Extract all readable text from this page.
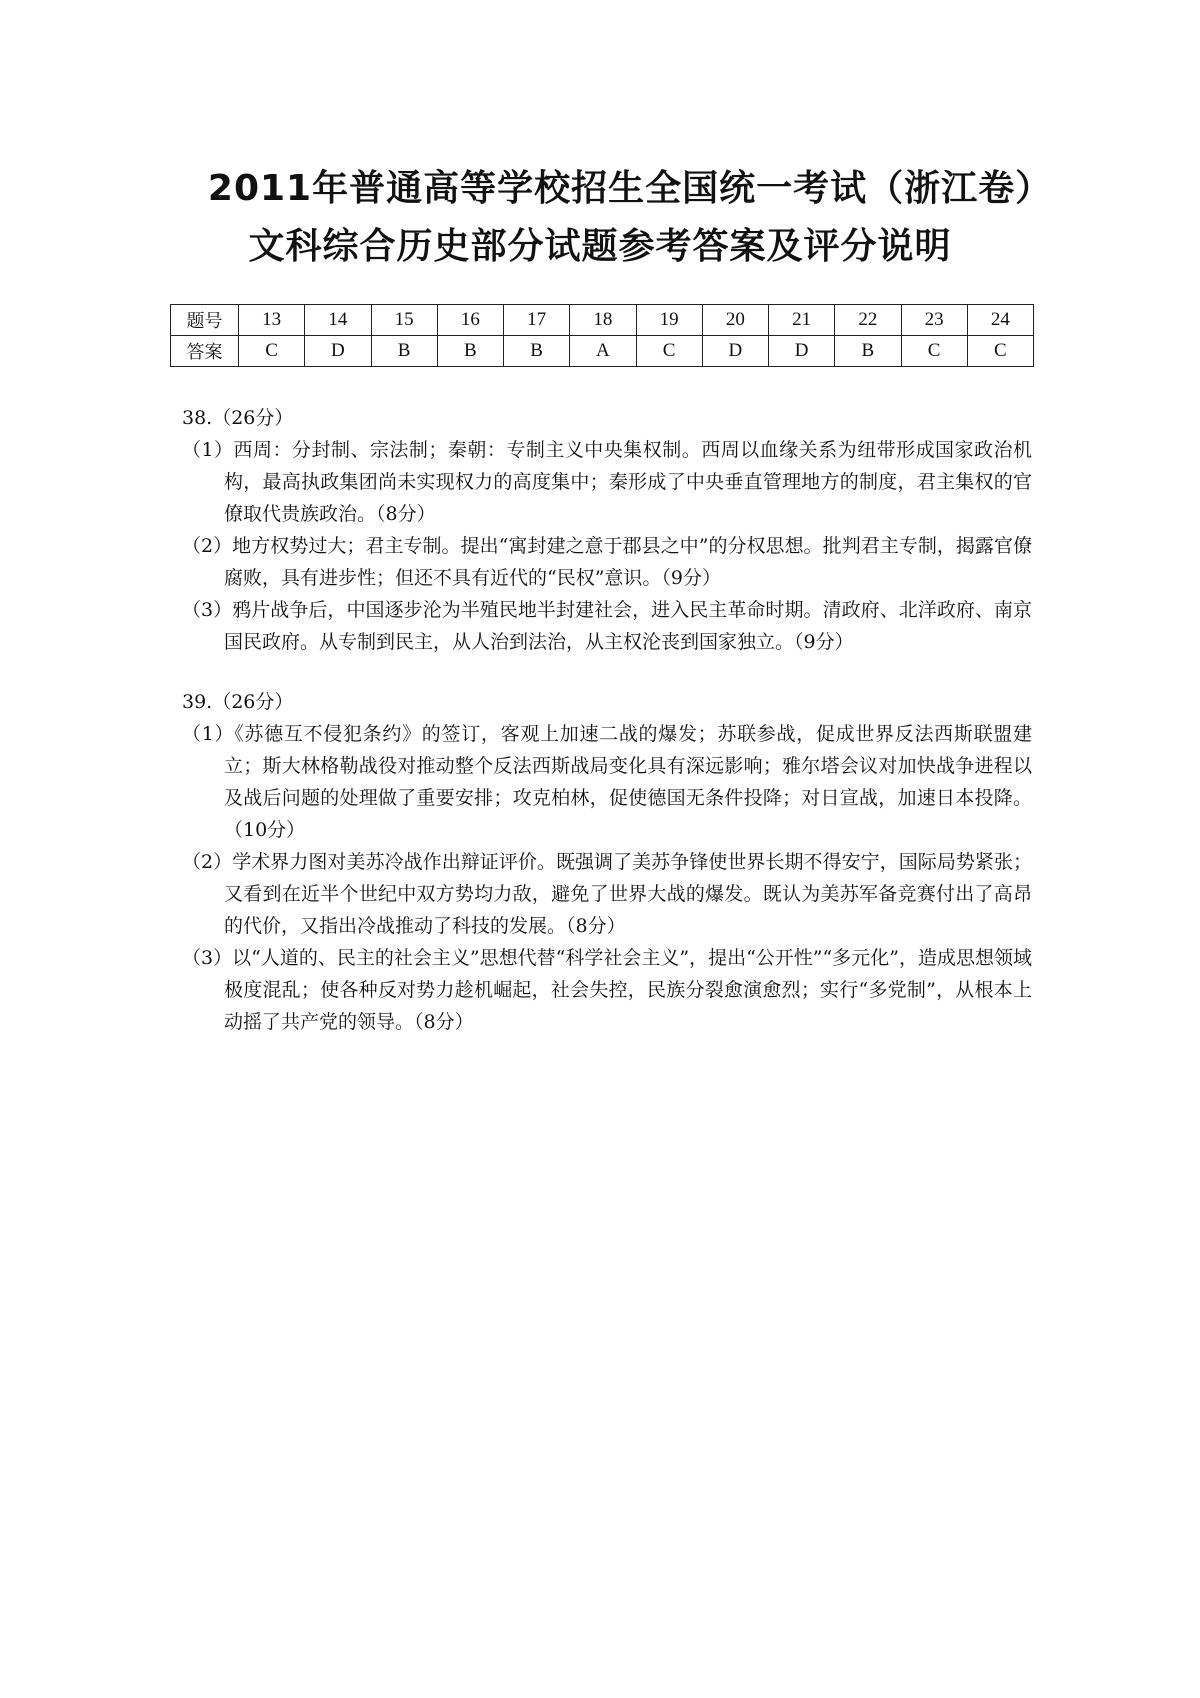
2011年普通高等学校招生全国统一考试（浙江卷）
文科综合历史部分试题参考答案及评分说明
题号	13	14	15	16	17	18	19	20	21	22	23	24
答案	C	D	B	B	B	A	C	D	D	B	C	C
38.（26分）
（1）西周：分封制、宗法制；秦朝：专制主义中央集权制。西周以血缘关系为纽带形成国家政治机构，最高执政集团尚未实现权力的高度集中；秦形成了中央垂直管理地方的制度，君主集权的官僚取代贵族政治。（8分）
（2）地方权势过大；君主专制。提出“寓封建之意于郡县之中”的分权思想。批判君主专制，揭露官僚腐败，具有进步性；但还不具有近代的“民权”意识。（9分）
（3）鸦片战争后，中国逐步沦为半殖民地半封建社会，进入民主革命时期。清政府、北洋政府、南京国民政府。从专制到民主，从人治到法治，从主权沦丧到国家独立。（9分）
39.（26分）
（1）《苏德互不侵犯条约》的签订，客观上加速二战的爆发；苏联参战，促成世界反法西斯联盟建立；斯大林格勒战役对推动整个反法西斯战局变化具有深远影响；雅尔塔会议对加快战争进程以及战后问题的处理做了重要安排；攻克柏林，促使德国无条件投降；对日宣战，加速日本投降。（10分）
（2）学术界力图对美苏冷战作出辩证评价。既强调了美苏争锋使世界长期不得安宁，国际局势紧张；又看到在近半个世纪中双方势均力敌，避免了世界大战的爆发。既认为美苏军备竞赛付出了高昂的代价，又指出冷战推动了科技的发展。（8分）
（3）以“人道的、民主的社会主义”思想代替“科学社会主义”，提出“公开性”“多元化”，造成思想领域极度混乱；使各种反对势力趁机崛起，社会失控，民族分裂愈演愈烈；实行“多党制”，从根本上动摇了共产党的领导。（8分）
